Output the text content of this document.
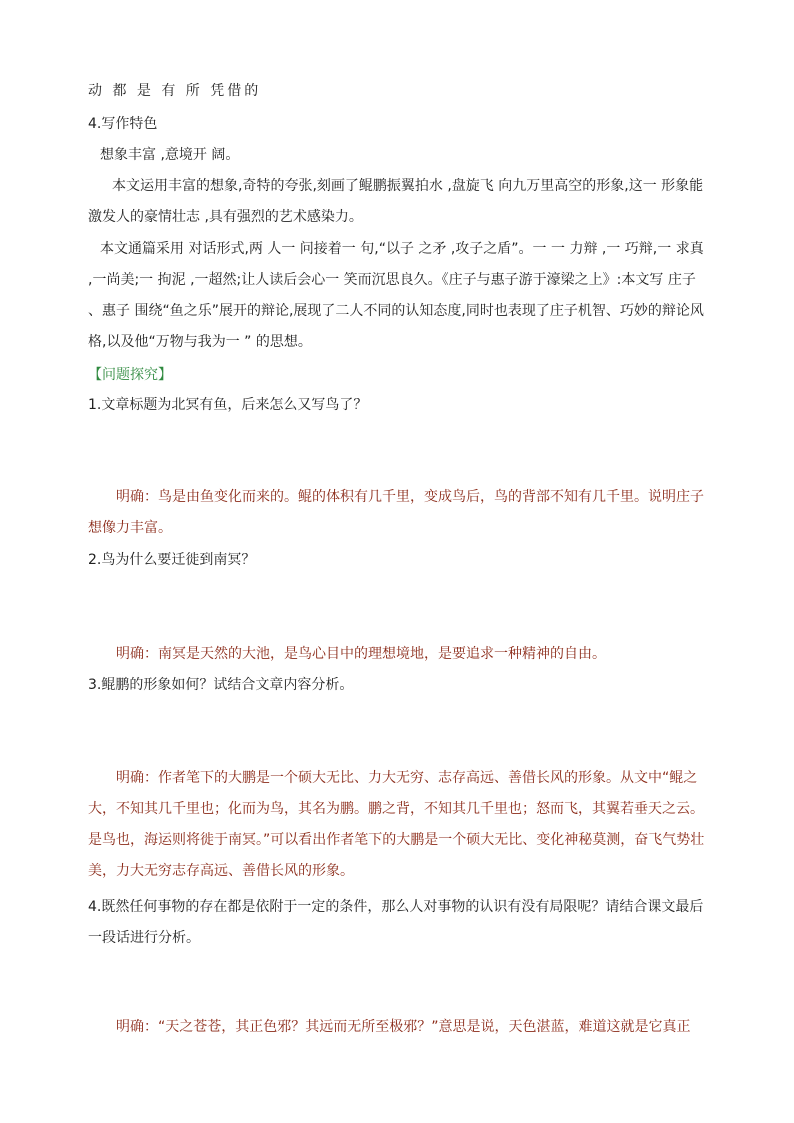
动 都 是 有 所 凭借的
4.写作特色
想象丰富 ,意境开 阔。
本文运用丰富的想象,奇特的夸张,刻画了鲲鹏振翼拍水 ,盘旋飞 向九万里高空的形象,这一 形象能激发人的豪情壮志 ,具有强烈的艺术感染力。
本文通篇采用 对话形式,两 人一 问接着一 句,“以子 之矛 ,攻子之盾”。一 一 力辩 ,一 巧辩,一 求真 ,一尚美;一 拘泥 ,一超然;让人读后会心一 笑而沉思良久。《庄子与惠子游于濠梁之上》:本文写 庄子 、惠子 围绕“鱼之乐”展开的辩论,展现了二人不同的认知态度,同时也表现了庄子机智、巧妙的辩论风格,以及他“万物与我为一 ” 的思想。
【问题探究】
1.文章标题为北冥有鱼，后来怎么又写鸟了？
明确：鸟是由鱼变化而来的。鲲的体积有几千里，变成鸟后，鸟的背部不知有几千里。说明庄子想像力丰富。
2.鸟为什么要迁徙到南冥？
明确：南冥是天然的大池，是鸟心目中的理想境地，是要追求一种精神的自由。
3.鲲鹏的形象如何？试结合文章内容分析。
明确：作者笔下的大鹏是一个硕大无比、力大无穷、志存高远、善借长风的形象。从文中“鲲之大，不知其几千里也；化而为鸟，其名为鹏。鹏之背，不知其几千里也；怒而飞，其翼若垂天之云。是鸟也，海运则将徙于南冥。”可以看出作者笔下的大鹏是一个硕大无比、变化神秘莫测，奋飞气势壮美，力大无穷志存高远、善借长风的形象。
4.既然任何事物的存在都是依附于一定的条件，那么人对事物的认识有没有局限呢？请结合课文最后一段话进行分析。
明确：“天之苍苍，其正色邪？其远而无所至极邪？”意思是说，天色湛蓝，难道这就是它真正
